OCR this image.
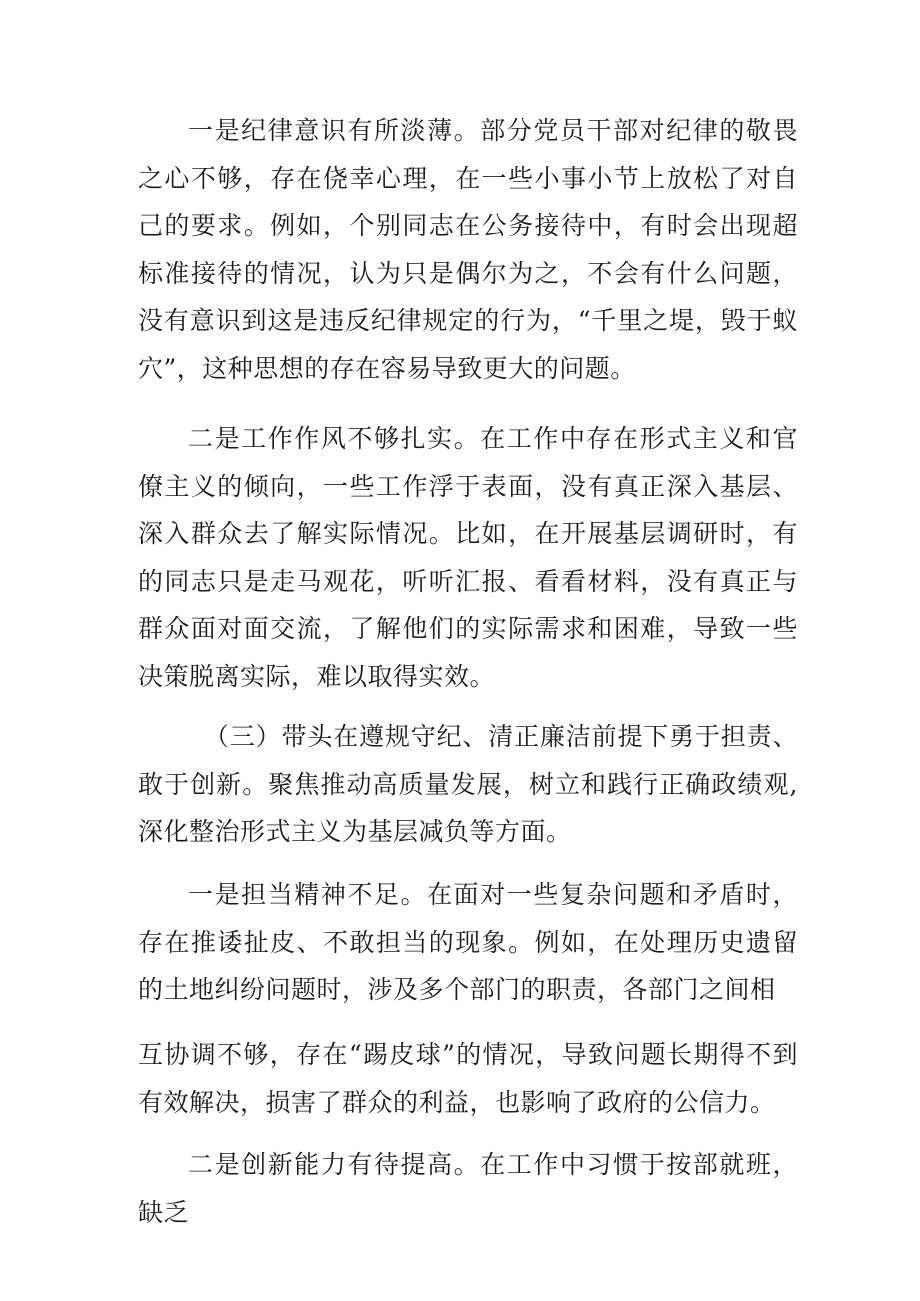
一是纪律意识有所淡薄。部分党员干部对纪律的敬畏之心不够，存在侥幸心理，在一些小事小节上放松了对自己的要求。例如，个别同志在公务接待中，有时会出现超标准接待的情况，认为只是偶尔为之，不会有什么问题，没有意识到这是违反纪律规定的行为，“千里之堤，毁于蚁穴”，这种思想的存在容易导致更大的问题。

二是工作作风不够扎实。在工作中存在形式主义和官僚主义的倾向，一些工作浮于表面，没有真正深入基层、深入群众去了解实际情况。比如，在开展基层调研时，有的同志只是走马观花，听听汇报、看看材料，没有真正与群众面对面交流，了解他们的实际需求和困难，导致一些决策脱离实际，难以取得实效。

（三）带头在遵规守纪、清正廉洁前提下勇于担责、敢于创新。聚焦推动高质量发展，树立和践行正确政绩观,深化整治形式主义为基层减负等方面。

一是担当精神不足。在面对一些复杂问题和矛盾时，存在推诿扯皮、不敢担当的现象。例如，在处理历史遗留的土地纠纷问题时，涉及多个部门的职责，各部门之间相

互协调不够，存在“踢皮球”的情况，导致问题长期得不到有效解决，损害了群众的利益，也影响了政府的公信力。

二是创新能力有待提高。在工作中习惯于按部就班，缺乏
